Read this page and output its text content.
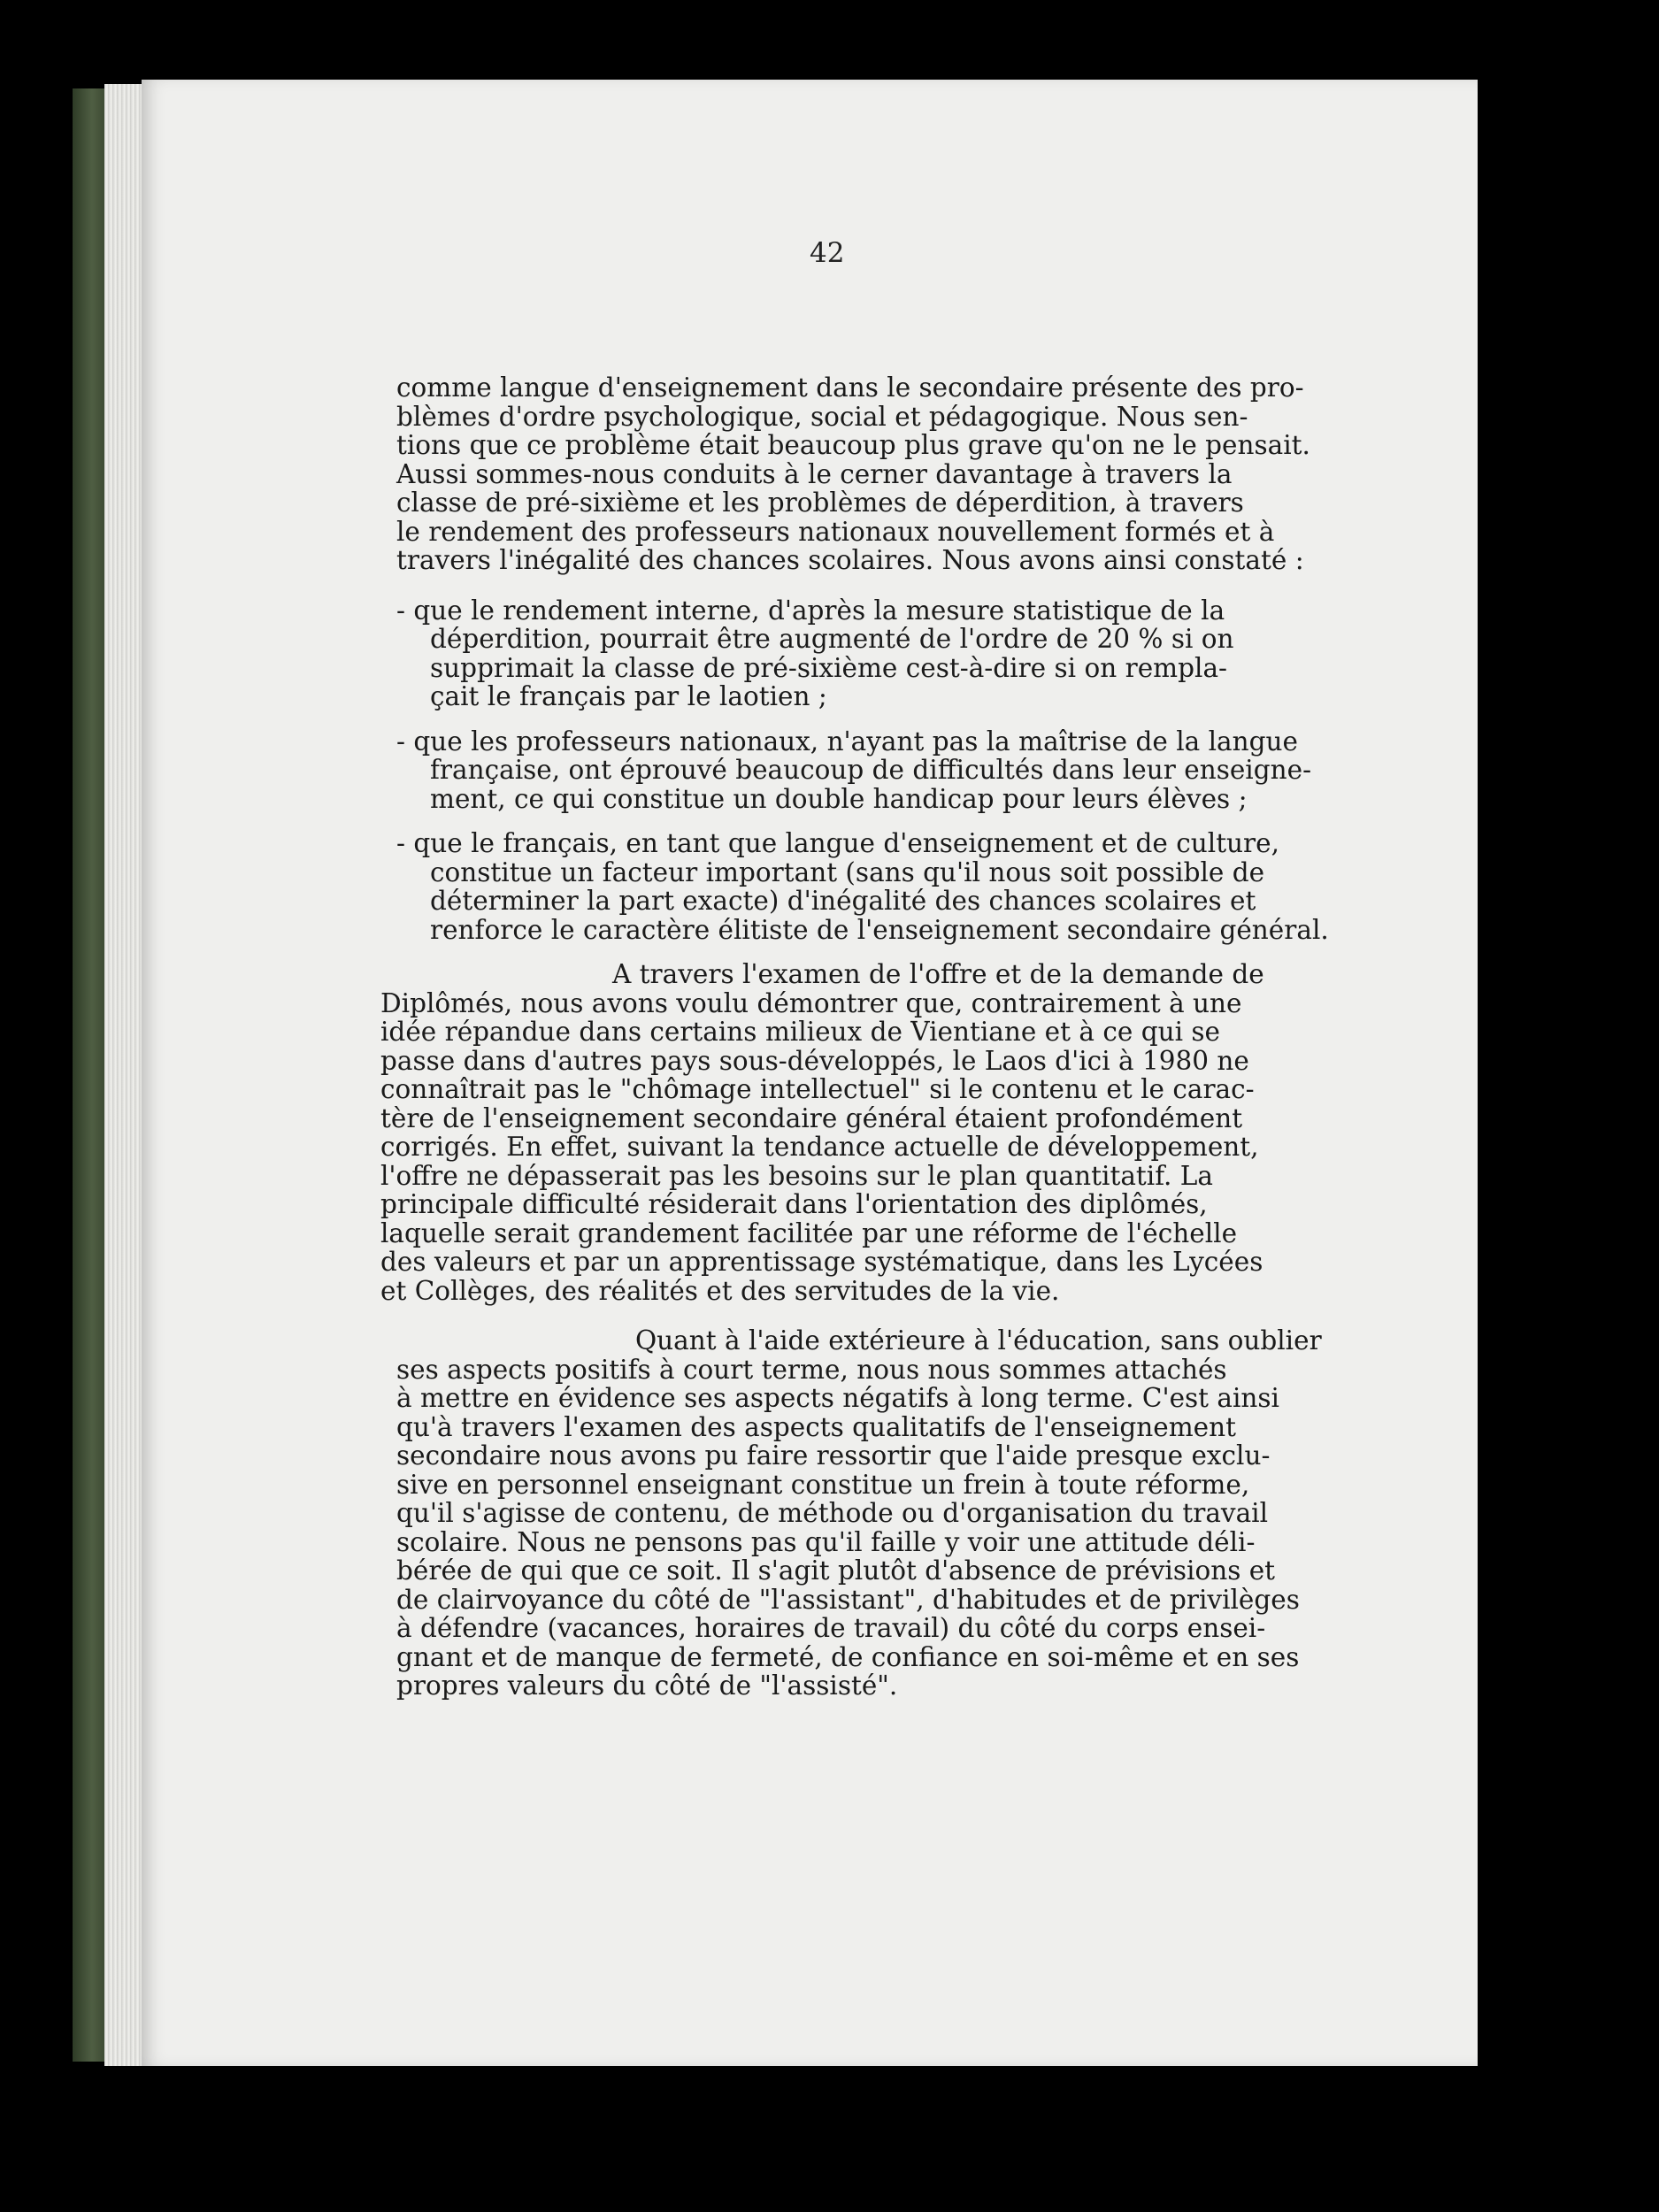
42
comme langue d'enseignement dans le secondaire présente des pro-
blèmes d'ordre psychologique, social et pédagogique. Nous sen-
tions que ce problème était beaucoup plus grave qu'on ne le pensait.
Aussi sommes-nous conduits à le cerner davantage à travers la
classe de pré-sixième et les problèmes de déperdition, à travers
le rendement des professeurs nationaux nouvellement formés et à
travers l'inégalité des chances scolaires. Nous avons ainsi constaté :
- que le rendement interne, d'après la mesure statistique de la
déperdition, pourrait être augmenté de l'ordre de 20 % si on
supprimait la classe de pré-sixième cest-à-dire si on rempla-
çait le français par le laotien ;
- que les professeurs nationaux, n'ayant pas la maîtrise de la langue
française, ont éprouvé beaucoup de difficultés dans leur enseigne-
ment, ce qui constitue un double handicap pour leurs élèves ;
- que le français, en tant que langue d'enseignement et de culture,
constitue un facteur important (sans qu'il nous soit possible de
déterminer la part exacte) d'inégalité des chances scolaires et
renforce le caractère élitiste de l'enseignement secondaire général.
A travers l'examen de l'offre et de la demande de
Diplômés, nous avons voulu démontrer que, contrairement à une
idée répandue dans certains milieux de Vientiane et à ce qui se
passe dans d'autres pays sous-développés, le Laos d'ici à 1980 ne
connaîtrait pas le "chômage intellectuel" si le contenu et le carac-
tère de l'enseignement secondaire général étaient profondément
corrigés. En effet, suivant la tendance actuelle de développement,
l'offre ne dépasserait pas les besoins sur le plan quantitatif. La
principale difficulté résiderait dans l'orientation des diplômés,
laquelle serait grandement facilitée par une réforme de l'échelle
des valeurs et par un apprentissage systématique, dans les Lycées
et Collèges, des réalités et des servitudes de la vie.
Quant à l'aide extérieure à l'éducation, sans oublier
ses aspects positifs à court terme, nous nous sommes attachés
à mettre en évidence ses aspects négatifs à long terme. C'est ainsi
qu'à travers l'examen des aspects qualitatifs de l'enseignement
secondaire nous avons pu faire ressortir que l'aide presque exclu-
sive en personnel enseignant constitue un frein à toute réforme,
qu'il s'agisse de contenu, de méthode ou d'organisation du travail
scolaire. Nous ne pensons pas qu'il faille y voir une attitude déli-
bérée de qui que ce soit. Il s'agit plutôt d'absence de prévisions et
de clairvoyance du côté de "l'assistant", d'habitudes et de privilèges
à défendre (vacances, horaires de travail) du côté du corps ensei-
gnant et de manque de fermeté, de confiance en soi-même et en ses
propres valeurs du côté de "l'assisté".
